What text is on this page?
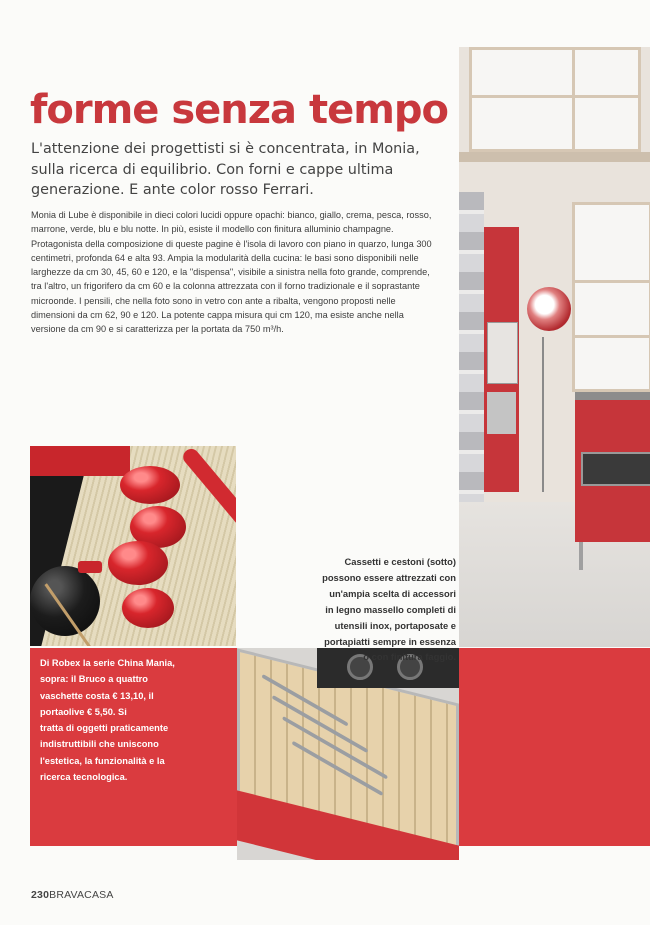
forme senza tempo

L'attenzione dei progettisti si è concentrata, in Monia, sulla ricerca di equilibrio. Con forni e cappe ultima generazione. E ante color rosso Ferrari.

Monia di Lube è disponibile in dieci colori lucidi oppure opachi: bianco, giallo, crema, pesca, rosso, marrone, verde, blu e blu notte. In più, esiste il modello con finitura alluminio champagne. Protagonista della composizione di queste pagine è l'isola di lavoro con piano in quarzo, lunga 300 centimetri, profonda 64 e alta 93. Ampia la modularità della cucina: le basi sono disponibili nelle larghezze da cm 30, 45, 60 e 120, e la "dispensa", visibile a sinistra nella foto grande, comprende, tra l'altro, un frigorifero da cm 60 e la colonna attrezzata con il forno tradizionale e il soprastante microonde. I pensili, che nella foto sono in vetro con ante a ribalta, vengono proposti nelle dimensioni da cm 62, 90 e 120. La potente cappa misura qui cm 120, ma esiste anche nella versione da cm 90 e si caratterizza per la portata da 750 m³/h.

Di Robex la serie China Mania,
sopra: il Bruco a quattro
vaschette costa € 13,10, il
portaolive € 5,50. Si
tratta di oggetti praticamente
indistruttibili che uniscono
l'estetica, la funzionalità e la
ricerca tecnologica.
Cassetti e cestoni (sotto)
possono essere attrezzati con
un'ampia scelta di accessori
in legno massello completi di
utensili inox, portaposate e
portapiatti sempre in essenza
o con finitura faggio.
230BRAVACASA
